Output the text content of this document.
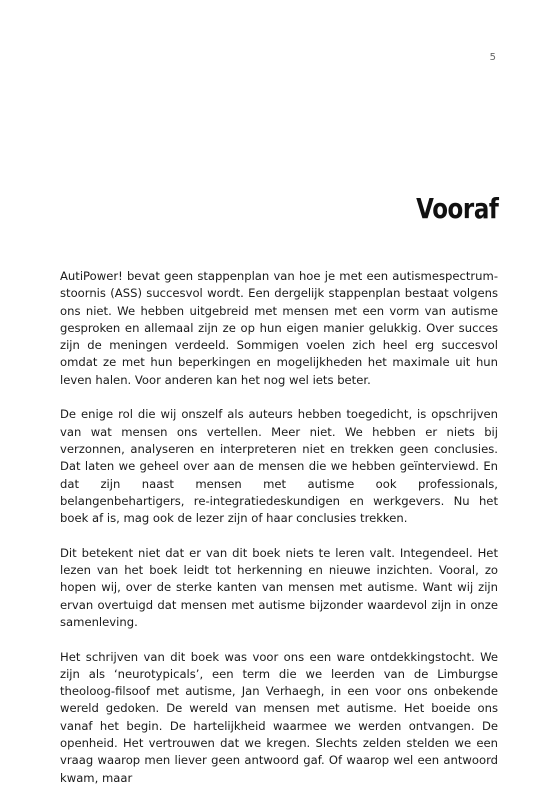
5
Vooraf

AutiPower! bevat geen stappenplan van hoe je met een autismespectrum-stoornis (ASS) succesvol wordt. Een dergelijk stappenplan bestaat volgens ons niet. We hebben uitgebreid met mensen met een vorm van autisme gesproken en allemaal zijn ze op hun eigen manier gelukkig. Over succes zijn de meningen verdeeld. Sommigen voelen zich heel erg succesvol omdat ze met hun beperkingen en mogelijkheden het maximale uit hun leven halen. Voor anderen kan het nog wel iets beter.

De enige rol die wij onszelf als auteurs hebben toegedicht, is opschrijven van wat mensen ons vertellen. Meer niet. We hebben er niets bij verzonnen, analyseren en interpreteren niet en trekken geen conclusies. Dat laten we geheel over aan de mensen die we hebben geïnterviewd. En dat zijn naast mensen met autisme ook professionals, belangenbehartigers, re-integratiedeskundigen en werkgevers. Nu het boek af is, mag ook de lezer zijn of haar conclusies trekken.

Dit betekent niet dat er van dit boek niets te leren valt. Integendeel. Het lezen van het boek leidt tot herkenning en nieuwe inzichten. Vooral, zo hopen wij, over de sterke kanten van mensen met autisme. Want wij zijn ervan overtuigd dat mensen met autisme bijzonder waardevol zijn in onze samenleving.

Het schrijven van dit boek was voor ons een ware ontdekkingstocht. We zijn als ‘neurotypicals’, een term die we leerden van de Limburgse theoloog-filsoof met autisme, Jan Verhaegh, in een voor ons onbekende wereld gedoken. De wereld van mensen met autisme. Het boeide ons vanaf het begin. De hartelijkheid waarmee we werden ontvangen. De openheid. Het vertrouwen dat we kregen. Slechts zelden stelden we een vraag waarop men liever geen antwoord gaf. Of waarop wel een antwoord kwam, maar
